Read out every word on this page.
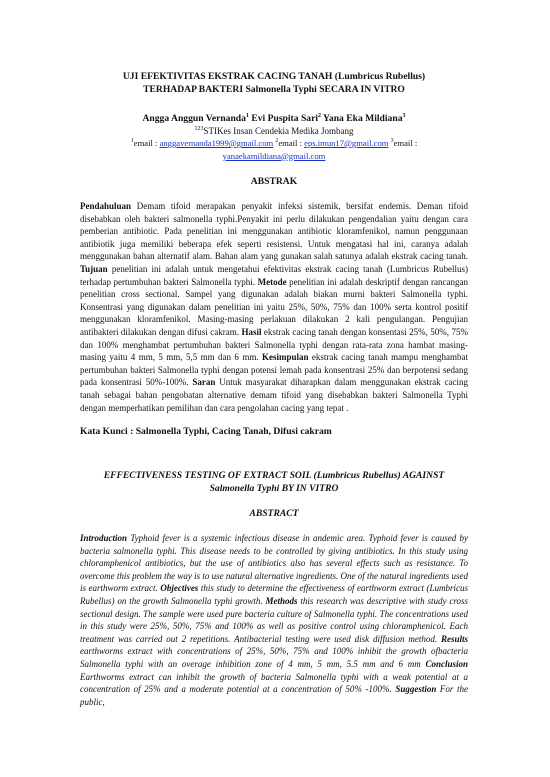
UJI EFEKTIVITAS EKSTRAK CACING TANAH (Lumbricus Rubellus)
TERHADAP BAKTERI Salmonella Typhi SECARA IN VITRO
Angga Anggun Vernanda$^1$ Evi Puspita Sari$^2$ Yana Eka Mildiana$^3$
$^{123}$STIKes Insan Cendekia Medika Jombang
$^1$email : anggavernanda1999@gmail.com $^2$email : eps.imun17@gmail.com $^3$email :
yanaekamildiana@gmail.com
ABSTRAK
Pendahuluan Demam tifoid merapakan penyakit infeksi sistemik, bersifat endemis. Deman tifoid disebabkan oleh bakteri salmonella typhi.Penyakit ini perlu dilakukan pengendalian yaitu dengan cara pemberian antibiotic. Pada penelitian ini menggunakan antibiotic kloramfenikol, namun penggunaan antibiotik juga memiliki beberapa efek seperti resistensi. Untuk mengatasi hal ini, caranya adalah menggunakan bahan alternatif alam. Bahan alam yang gunakan salah satunya adalah ekstrak cacing tanah. Tujuan penelitian ini adalah untuk mengetahui efektivitas ekstrak cacing tanah (Lumbricus Rubellus) terhadap pertumbuhan bakteri Salmonella typhi. Metode penelitian ini adalah deskriptif dengan rancangan penelitian cross sectional. Sampel yang digunakan adalah biakan murni bakteri Salmonella typhi. Konsentrasi yang digunakan dalam penelitian ini yaitu 25%, 50%, 75% dan 100% serta kontrol positif menggunakan kloramfenikol. Masing-masing perlakuan dilakukan 2 kali pengulangan. Pengujian antibakteri dilakukan dengan difusi cakram. Hasil ekstrak cacing tanah dengan konsentasi 25%, 50%, 75% dan 100% menghambat pertumbuhan bakteri Salmonella typhi dengan rata-rata zona hambat masing-masing yaitu 4 mm, 5 mm, 5,5 mm dan 6 mm. Kesimpulan ekstrak cacing tanah mampu menghambat pertumbuhan bakteri Salmonella typhi dengan potensi lemah pada konsentrasi 25% dan berpotensi sedang pada konsentrasi 50%-100%. Saran Untuk masyarakat diharapkan dalam menggunakan ekstrak cacing tanah sebagai bahan pengobatan alternative demam tifoid yang disebabkan bakteri Salmonella Typhi dengan memperhatikan pemilihan dan cara pengolahan cacing yang tepat .
Kata Kunci : Salmonella Typhi, Cacing Tanah, Difusi cakram
EFFECTIVENESS TESTING OF EXTRACT SOIL (Lumbricus Rubellus) AGAINST
Salmonella Typhi BY IN VITRO
ABSTRACT
Introduction Typhoid fever is a systemic infectious disease in andemic area. Typhoid fever is caused by bacteria salmonella typhi. This disease needs to be controlled by giving antibiotics. In this study using chloramphenicol antibiotics, but the use of antibiotics also has several effects such as resistance. To overcome this problem the way is to use natural alternative ingredients. One of the natural ingredients used is earthworm extract. Objectives this study to determine the effectiveness of earthworm extract (Lumbricus Rubellus) on the growth Salmonella typhi growth. Methods this research was descriptive with study cross sectional design. The sample were used pure bacteria culture of Salmonella typhi. The concentrations used in this study were 25%, 50%, 75% and 100% as well as positive control using chloramphenicol. Each treatment was carried out 2 repetitions. Antibacterial testing were used disk diffusion method. Results earthworms extract with concentrations of 25%, 50%, 75% and 100% inhibit the growth ofbacteria Salmonella typhi with an overage inhibition zone of 4 mm, 5 mm, 5.5 mm and 6 mm Conclusion Earthworms extract can inhibit the growth of bacteria Salmonella typhi with a weak potential at a concentration of 25% and a moderate potential at a concentration of 50% -100%. Suggestion For the public,
